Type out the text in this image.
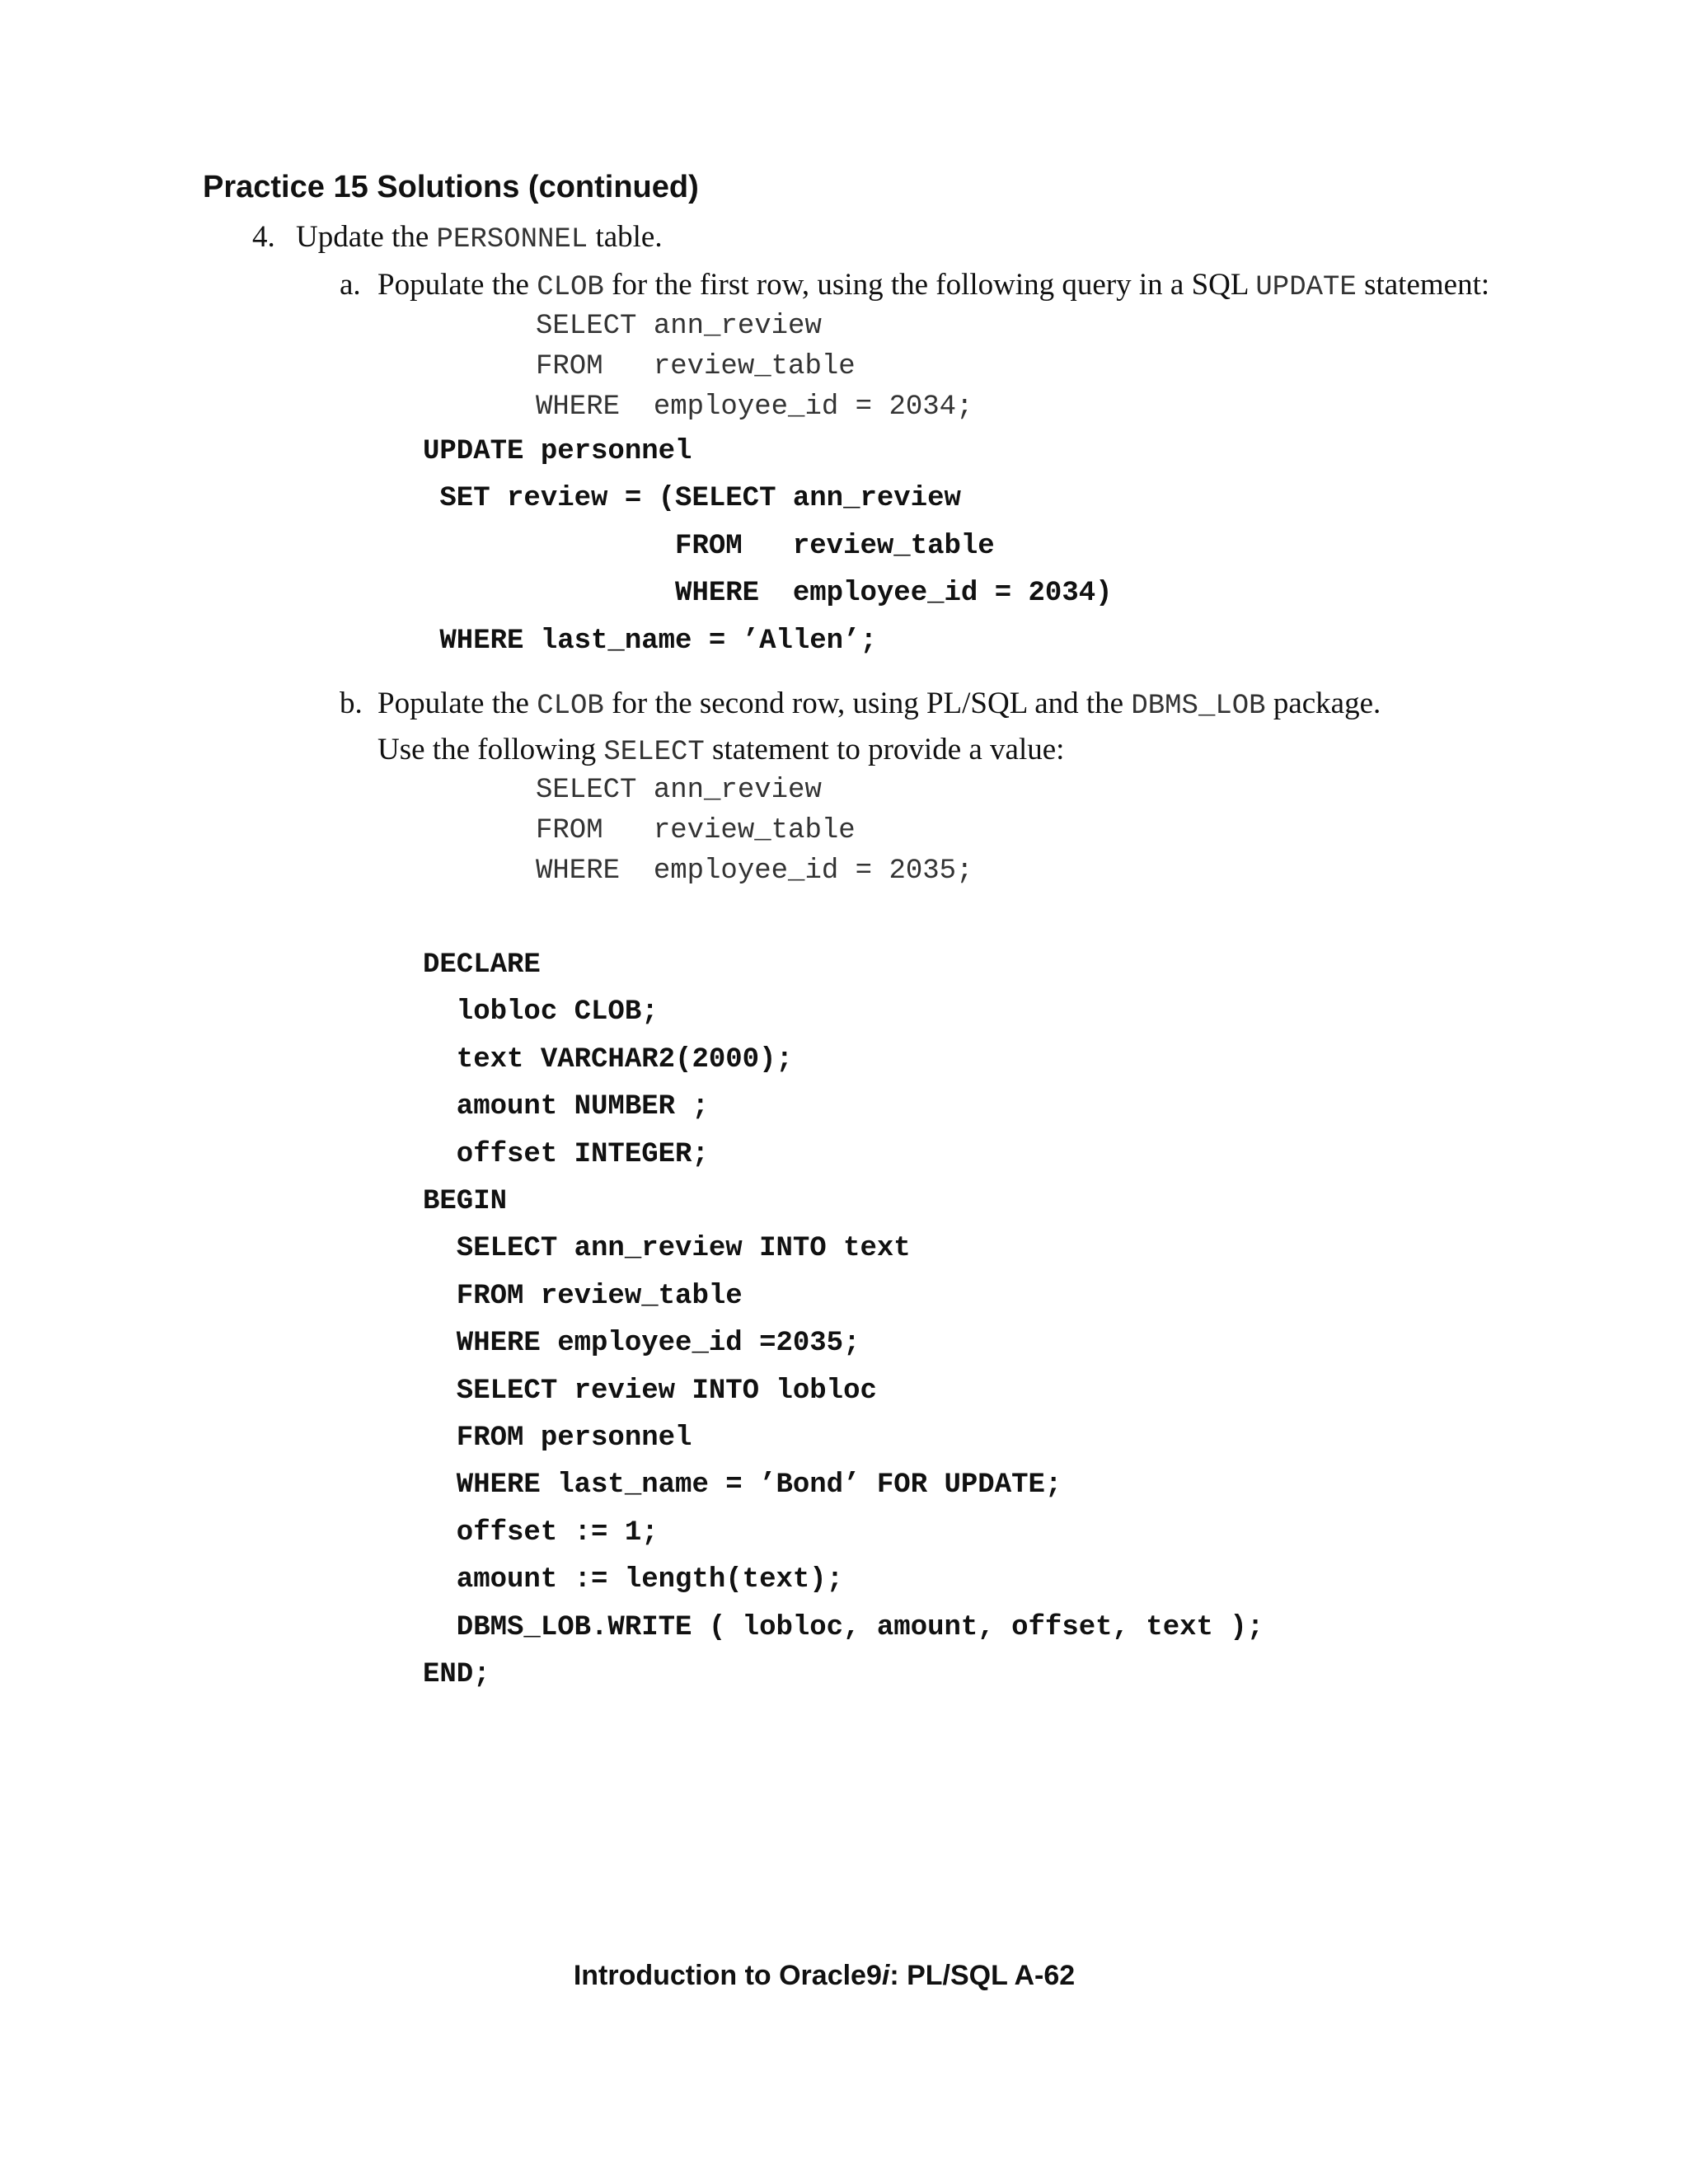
Practice 15 Solutions (continued)

4. Update the PERSONNEL table.

a. Populate the CLOB for the first row, using the following query in a SQL UPDATE statement:

SELECT ann_review
FROM   review_table
WHERE  employee_id = 2034;
UPDATE personnel
SET review = (SELECT ann_review
FROM   review_table
WHERE  employee_id = 2034)
WHERE last_name = ’Allen’;
b. Populate the CLOB for the second row, using PL/SQL and the DBMS_LOB package.

Use the following SELECT statement to provide a value:

SELECT ann_review
FROM   review_table
WHERE  employee_id = 2035;
DECLARE
lobloc CLOB;
text VARCHAR2(2000);
amount NUMBER ;
offset INTEGER;
BEGIN
SELECT ann_review INTO text
FROM review_table
WHERE employee_id =2035;
SELECT review INTO lobloc
FROM personnel
WHERE last_name = ’Bond’ FOR UPDATE;
offset := 1;
amount := length(text);
DBMS_LOB.WRITE ( lobloc, amount, offset, text );
END;

Introduction to Oracle9i: PL/SQL A-62
